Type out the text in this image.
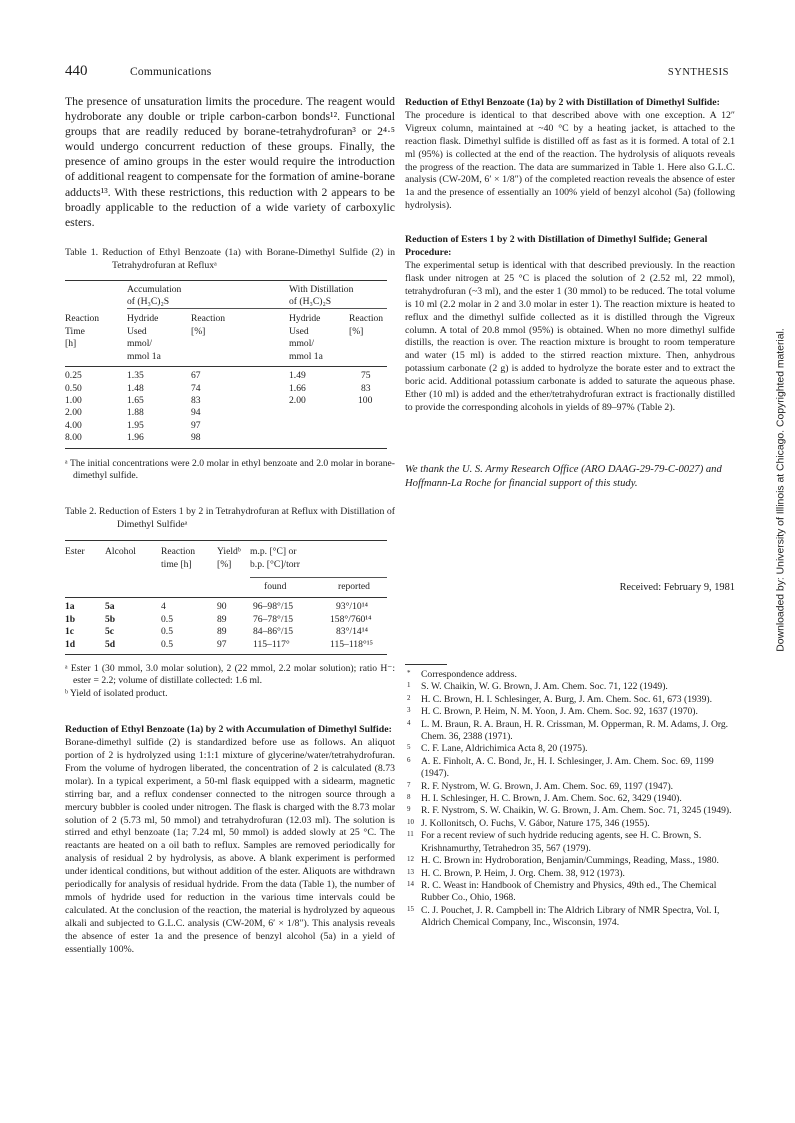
440	Communications	SYNTHESIS

The presence of unsaturation limits the procedure. The reagent would hydroborate any double or triple carbon-carbon bonds¹². Functional groups that are readily reduced by borane-tetrahydrofuran³ or 2⁴·⁵ would undergo concurrent reduction of these groups. Finally, the presence of amino groups in the ester would require the introduction of additional reagent to compensate for the formation of amine-borane adducts¹³. With these restrictions, this reduction with 2 appears to be broadly applicable to the reduction of a wide variety of carboxylic esters.

Table 1. Reduction of Ethyl Benzoate (1a) with Borane-Dimethyl Sulfide (2) in Tetrahydrofuran at Refluxᵃ

	Accumulation
of (H₃C)₂S		With Distillation
of (H₃C)₂S	

Reaction
Time
[h]	Hydride
Used
mmol/
mmol 1a	Reaction
[%]	Hydride
Used
mmol/
mmol 1a	Reaction
[%]

0.25	1.35	67	1.49	75
0.50	1.48	74	1.66	83
1.00	1.65	83	2.00	100
2.00	1.88	94		
4.00	1.95	97		
8.00	1.96	98		

ᵃ The initial concentrations were 2.0 molar in ethyl benzoate and 2.0 molar in borane-dimethyl sulfide.

Table 2. Reduction of Esters 1 by 2 in Tetrahydrofuran at Reflux with Distillation of Dimethyl Sulfideᵃ

Ester	Alcohol	Reaction
time [h]	Yieldᵇ
[%]	m.p. [°C] or
b.p. [°C]/torr	

				found	reported

1a	5a	4	90	96–98°/15	93°/10¹⁴
1b	5b	0.5	89	76–78°/15	158°/760¹⁴
1c	5c	0.5	89	84–86°/15	83°/14¹⁴
1d	5d	0.5	97	115–117°	115–118°¹⁵

ᵃ Ester 1 (30 mmol, 3.0 molar solution), 2 (22 mmol, 2.2 molar solution); ratio H⁻: ester = 2.2; volume of distillate collected: 1.6 ml.

ᵇ Yield of isolated product.

Reduction of Ethyl Benzoate (1a) by 2 with Accumulation of Dimethyl Sulfide:

Borane-dimethyl sulfide (2) is standardized before use as follows. An aliquot portion of 2 is hydrolyzed using 1:1:1 mixture of glycerine/water/tetrahydrofuran. From the volume of hydrogen liberated, the concentration of 2 is calculated (8.73 molar). In a typical experiment, a 50-ml flask equipped with a sidearm, magnetic stirring bar, and a reflux condenser connected to the nitrogen source through a mercury bubbler is cooled under nitrogen. The flask is charged with the 8.73 molar solution of 2 (5.73 ml, 50 mmol) and tetrahydrofuran (12.03 ml). The solution is stirred and ethyl benzoate (1a; 7.24 ml, 50 mmol) is added slowly at 25 °C. The reactants are heated on a oil bath to reflux. Samples are removed periodically for analysis of residual 2 by hydrolysis, as above. A blank experiment is performed under identical conditions, but without addition of the ester. Aliquots are withdrawn periodically for analysis of residual hydride. From the data (Table 1), the number of mmols of hydride used for reduction in the various time intervals could be calculated. At the conclusion of the reaction, the material is hydrolyzed by aqueous alkali and subjected to G.L.C. analysis (CW-20M, 6′ × 1/8″). This analysis reveals the absence of ester 1a and the presence of benzyl alcohol (5a) in a yield of essentially 100%.

Reduction of Ethyl Benzoate (1a) by 2 with Distillation of Dimethyl Sulfide:

The procedure is identical to that described above with one exception. A 12″ Vigreux column, maintained at ~40 °C by a heating jacket, is attached to the reaction flask. Dimethyl sulfide is distilled off as fast as it is formed. A total of 2.1 ml (95%) is collected at the end of the reaction. The hydrolysis of aliquots reveals the progress of the reaction. The data are summarized in Table 1. Here also G.L.C. analysis (CW-20M, 6′ × 1/8″) of the completed reaction reveals the absence of ester 1a and the presence of essentially an 100% yield of benzyl alcohol (5a) (following hydrolysis).

Reduction of Esters 1 by 2 with Distillation of Dimethyl Sulfide; General Procedure:

The experimental setup is identical with that described previously. In the reaction flask under nitrogen at 25 °C is placed the solution of 2 (2.52 ml, 22 mmol), tetrahydrofuran (~3 ml), and the ester 1 (30 mmol) to be reduced. The total volume is 10 ml (2.2 molar in 2 and 3.0 molar in ester 1). The reaction mixture is heated to reflux and the dimethyl sulfide collected as it is distilled through the Vigreux column. A total of 20.8 mmol (95%) is obtained. When no more dimethyl sulfide distills, the reaction is over. The reaction mixture is brought to room temperature and water (15 ml) is added to the stirred reaction mixture. Then, anhydrous potassium carbonate (2 g) is added to hydrolyze the borate ester and to extract the boric acid. Additional potassium carbonate is added to saturate the aqueous phase. Ether (10 ml) is added and the ether/tetrahydrofuran extract is fractionally distilled to provide the corresponding alcohols in yields of 89–97% (Table 2).

We thank the U. S. Army Research Office (ARO DAAG-29-79-C-0027) and Hoffmann-La Roche for financial support of this study.

Received: February 9, 1981
* Correspondence address.
1 S. W. Chaikin, W. G. Brown, J. Am. Chem. Soc. 71, 122 (1949).
2 H. C. Brown, H. I. Schlesinger, A. Burg, J. Am. Chem. Soc. 61, 673 (1939).
3 H. C. Brown, P. Heim, N. M. Yoon, J. Am. Chem. Soc. 92, 1637 (1970).
4 L. M. Braun, R. A. Braun, H. R. Crissman, M. Opperman, R. M. Adams, J. Org. Chem. 36, 2388 (1971).
5 C. F. Lane, Aldrichimica Acta 8, 20 (1975).
6 A. E. Finholt, A. C. Bond, Jr., H. I. Schlesinger, J. Am. Chem. Soc. 69, 1199 (1947).
7 R. F. Nystrom, W. G. Brown, J. Am. Chem. Soc. 69, 1197 (1947).
8 H. I. Schlesinger, H. C. Brown, J. Am. Chem. Soc. 62, 3429 (1940).
9 R. F. Nystrom, S. W. Chaikin, W. G. Brown, J. Am. Chem. Soc. 71, 3245 (1949).
10 J. Kollonitsch, O. Fuchs, V. Gábor, Nature 175, 346 (1955).
11 For a recent review of such hydride reducing agents, see H. C. Brown, S. Krishnamurthy, Tetrahedron 35, 567 (1979).
12 H. C. Brown in: Hydroboration, Benjamin/Cummings, Reading, Mass., 1980.
13 H. C. Brown, P. Heim, J. Org. Chem. 38, 912 (1973).
14 R. C. Weast in: Handbook of Chemistry and Physics, 49th ed., The Chemical Rubber Co., Ohio, 1968.
15 C. J. Pouchet, J. R. Campbell in: The Aldrich Library of NMR Spectra, Vol. I, Aldrich Chemical Company, Inc., Wisconsin, 1974.
Downloaded by: University of Illinois at Chicago. Copyrighted material.
